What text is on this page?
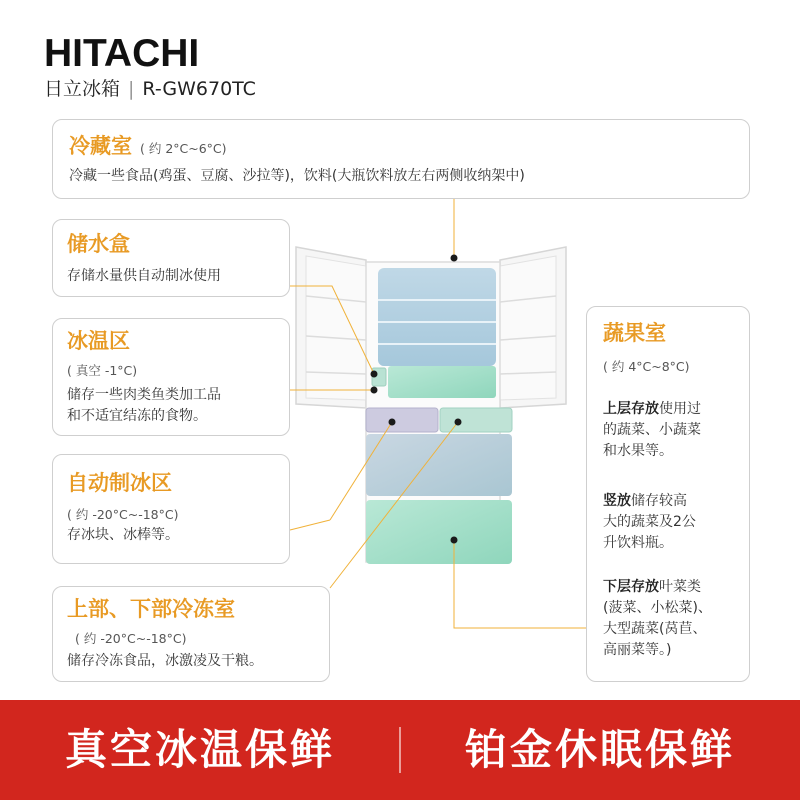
HITACHI
日立冰箱 | R-GW670TC
冷藏室 ( 约 2°C~6°C)
冷藏一些食品(鸡蛋、豆腐、沙拉等)，饮料(大瓶饮料放左右两侧收纳架中)
储水盒
存储水量供自动制冰使用
冰温区
( 真空 -1°C)
储存一些肉类鱼类加工品
和不适宜结冻的食物。
自动制冰区
( 约 -20°C~-18°C)
存冰块、冰棒等。
上部、下部冷冻室
( 约 -20°C~-18°C)
储存冷冻食品，冰激凌及干粮。
蔬果室
( 约 4°C~8°C)
上层存放使用过
的蔬菜、小蔬菜
和水果等。
竖放储存较高
大的蔬菜及2公
升饮料瓶。
下层存放叶菜类
(菠菜、小松菜)、
大型蔬菜(莴苣、
高丽菜等。)
真空冰温保鲜	铂金休眠保鲜
